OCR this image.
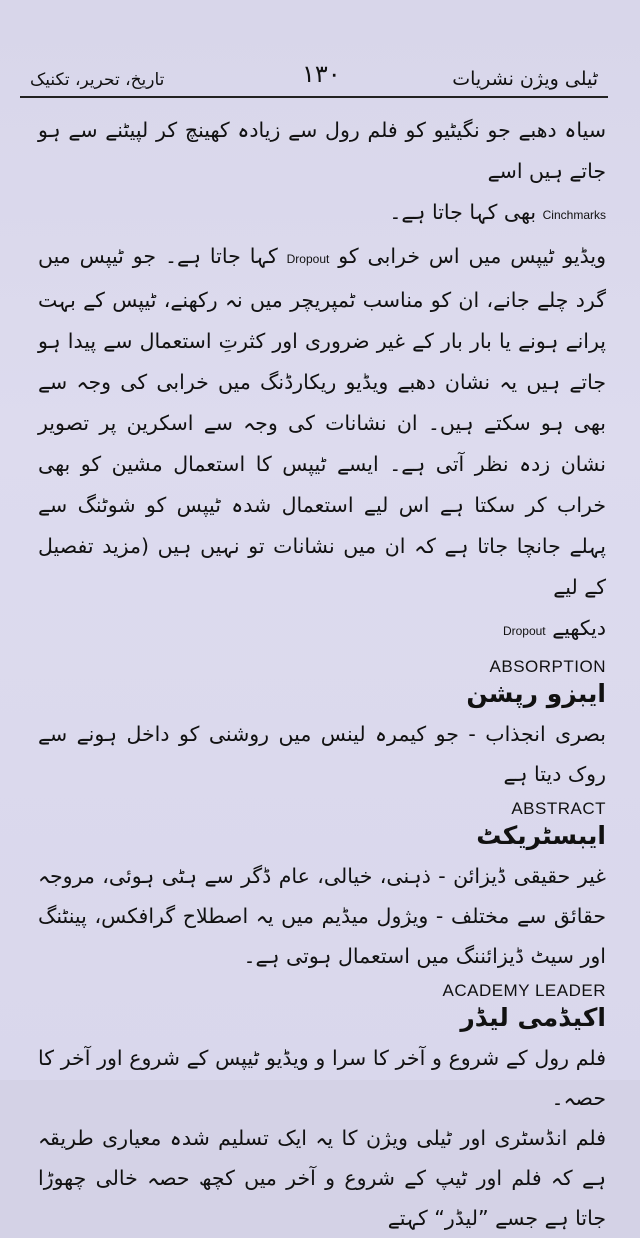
ٹیلی ویژن نشریات
۱۳۰
تاریخ، تحریر، تکنیک

سیاہ دھبے جو نگیٹیو کو فلم رول سے زیادہ کھینچ کر لپیٹنے سے ہو جاتے ہیں اسے

Cinchmarks بھی کہا جاتا ہے۔

ویڈیو ٹیپس میں اس خرابی کو Dropout کہا جاتا ہے۔ جو ٹیپس میں گرد چلے جانے، ان کو مناسب ٹمپریچر میں نہ رکھنے، ٹیپس کے بہت پرانے ہونے یا بار بار کے غیر ضروری اور کثرتِ استعمال سے پیدا ہو جاتے ہیں یہ نشان دھبے ویڈیو ریکارڈنگ میں خرابی کی وجہ سے بھی ہو سکتے ہیں۔ ان نشانات کی وجہ سے اسکرین پر تصویر نشان زدہ نظر آتی ہے۔ ایسے ٹیپس کا استعمال مشین کو بھی خراب کر سکتا ہے اس لیے استعمال شدہ ٹیپس کو شوٹنگ سے پہلے جانچا جاتا ہے کہ ان میں نشانات تو نہیں ہیں (مزید تفصیل کے لیے

دیکھیے Dropout

ABSORPTION

ایبزو رپشن

بصری انجذاب - جو کیمرہ لینس میں روشنی کو داخل ہونے سے روک دیتا ہے

ABSTRACT

ایبسٹریکٹ

غیر حقیقی ڈیزائن - ذہنی، خیالی، عام ڈگر سے ہٹی ہوئی، مروجہ حقائق سے مختلف - ویژول میڈیم میں یہ اصطلاح گرافکس، پینٹنگ اور سیٹ ڈیزائننگ میں استعمال ہوتی ہے۔

ACADEMY LEADER

اکیڈمی لیڈر

فلم رول کے شروع و آخر کا سرا و ویڈیو ٹیپس کے شروع اور آخر کا حصہ۔

فلم انڈسٹری اور ٹیلی ویژن کا یہ ایک تسلیم شدہ معیاری طریقہ ہے کہ فلم اور ٹیپ کے شروع و آخر میں کچھ حصہ خالی چھوڑا جاتا ہے جسے ”لیڈر“ کہتے
